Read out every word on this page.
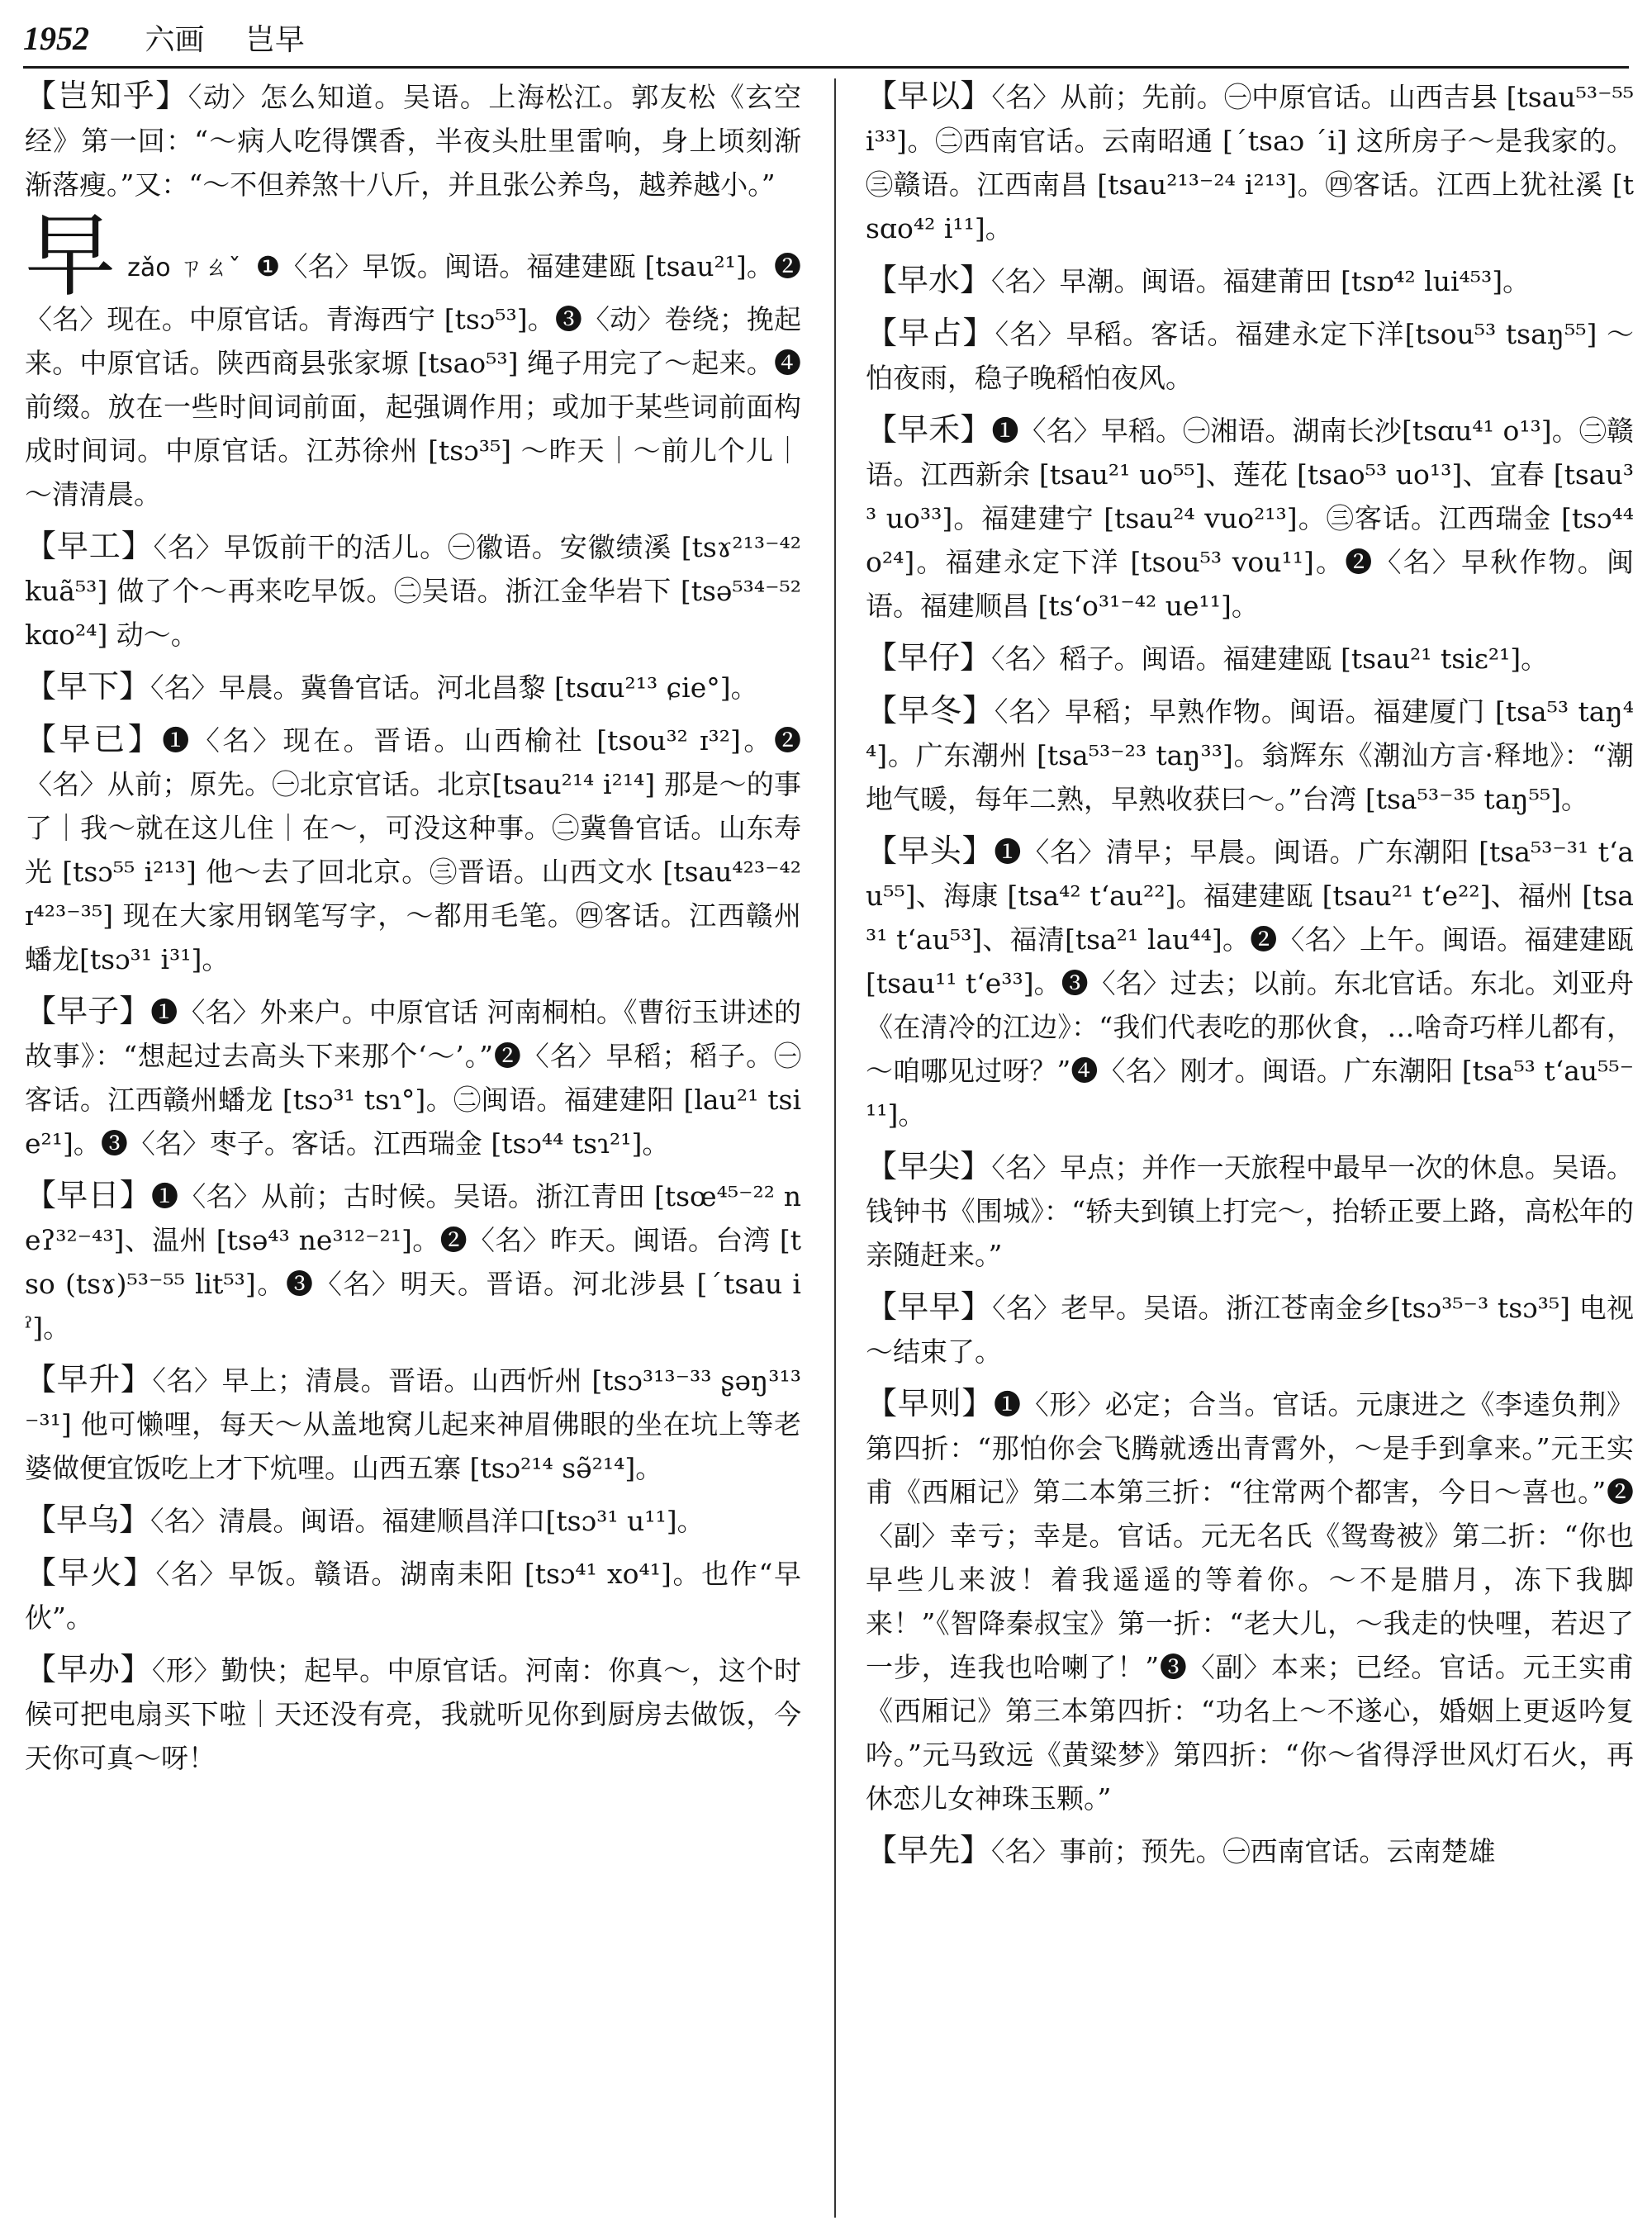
1952 六画 岂早

【岂知乎】〈动〉怎么知道。吴语。上海松江。郭友松《玄空经》第一回：“～病人吃得馔香，半夜头肚里雷响，身上顷刻渐渐落瘦。”又：“～不但养煞十八斤，并且张公养鸟，越养越小。”

早zǎo ㄗㄠˇ ❶〈名〉早饭。闽语。福建建瓯 [tsau²¹]。❷〈名〉现在。中原官话。青海西宁 [tsɔ⁵³]。❸〈动〉卷绕；挽起来。中原官话。陕西商县张家塬 [tsao⁵³] 绳子用完了～起来。❹前缀。放在一些时间词前面，起强调作用；或加于某些词前面构成时间词。中原官话。江苏徐州 [tsɔ³⁵] ～昨天｜～前儿个儿｜～清清晨。

【早工】〈名〉早饭前干的活儿。㊀徽语。安徽绩溪 [tsɤ²¹³⁻⁴² kuã⁵³] 做了个～再来吃早饭。㊁吴语。浙江金华岩下 [tsə⁵³⁴⁻⁵² kɑo²⁴] 动～。

【早下】〈名〉早晨。冀鲁官话。河北昌黎 [tsɑu²¹³ ɕie°]。

【早已】❶〈名〉现在。晋语。山西榆社 [tsou³² ɪ³²]。❷〈名〉从前；原先。㊀北京官话。北京[tsau²¹⁴ i²¹⁴] 那是～的事了｜我～就在这儿住｜在～，可没这种事。㊁冀鲁官话。山东寿光 [tsɔ⁵⁵ i²¹³] 他～去了回北京。㊂晋语。山西文水 [tsau⁴²³⁻⁴² ɪ⁴²³⁻³⁵] 现在大家用钢笔写字，～都用毛笔。㊃客话。江西赣州蟠龙[tsɔ³¹ i³¹]。

【早子】❶〈名〉外来户。中原官话 河南桐柏。《曹衍玉讲述的故事》：“想起过去高头下来那个‘～’。”❷〈名〉早稻；稻子。㊀客话。江西赣州蟠龙 [tsɔ³¹ tsɿ°]。㊁闽语。福建建阳 [lau²¹ tsie²¹]。❸〈名〉枣子。客话。江西瑞金 [tsɔ⁴⁴ tsɿ²¹]。

【早日】❶〈名〉从前；古时候。吴语。浙江青田 [tsœ⁴⁵⁻²² neʔ³²⁻⁴³]、温州 [tsə⁴³ ne³¹²⁻²¹]。❷〈名〉昨天。闽语。台湾 [tso (tsɤ)⁵³⁻⁵⁵ lit⁵³]。❸〈名〉明天。晋语。河北涉县 [ˊtsau iˀ]。

【早升】〈名〉早上；清晨。晋语。山西忻州 [tsɔ³¹³⁻³³ ʂəŋ³¹³⁻³¹] 他可懒哩，每天～从盖地窝儿起来神眉佛眼的坐在坑上等老婆做便宜饭吃上才下炕哩。山西五寨 [tsɔ²¹⁴ sə̃²¹⁴]。

【早乌】〈名〉清晨。闽语。福建顺昌洋口[tsɔ³¹ u¹¹]。

【早火】〈名〉早饭。赣语。湖南耒阳 [tsɔ⁴¹ xo⁴¹]。也作“早伙”。

【早办】〈形〉勤快；起早。中原官话。河南：你真～，这个时候可把电扇买下啦｜天还没有亮，我就听见你到厨房去做饭，今天你可真～呀！

【早以】〈名〉从前；先前。㊀中原官话。山西吉县 [tsau⁵³⁻⁵⁵ i³³]。㊁西南官话。云南昭通 [ˊtsaɔ ˊi] 这所房子～是我家的。㊂赣语。江西南昌 [tsau²¹³⁻²⁴ i²¹³]。㊃客话。江西上犹社溪 [tsɑo⁴² i¹¹]。

【早水】〈名〉早潮。闽语。福建莆田 [tsɒ⁴² lui⁴⁵³]。

【早占】〈名〉早稻。客话。福建永定下洋[tsou⁵³ tsaŋ⁵⁵] ～怕夜雨，稳子晚稻怕夜风。

【早禾】❶〈名〉早稻。㊀湘语。湖南长沙[tsɑu⁴¹ o¹³]。㊁赣语。江西新余 [tsau²¹ uo⁵⁵]、莲花 [tsao⁵³ uo¹³]、宜春 [tsau³³ uo³³]。福建建宁 [tsau²⁴ vuo²¹³]。㊂客话。江西瑞金 [tsɔ⁴⁴ o²⁴]。福建永定下洋 [tsou⁵³ vou¹¹]。❷〈名〉早秋作物。闽语。福建顺昌 [tsʻo³¹⁻⁴² ue¹¹]。

【早仔】〈名〉稻子。闽语。福建建瓯 [tsau²¹ tsiɛ²¹]。

【早冬】〈名〉早稻；早熟作物。闽语。福建厦门 [tsa⁵³ taŋ⁴⁴]。广东潮州 [tsa⁵³⁻²³ taŋ³³]。翁辉东《潮汕方言·释地》：“潮地气暖，每年二熟，早熟收获曰～。”台湾 [tsa⁵³⁻³⁵ taŋ⁵⁵]。

【早头】❶〈名〉清早；早晨。闽语。广东潮阳 [tsa⁵³⁻³¹ tʻau⁵⁵]、海康 [tsa⁴² tʻau²²]。福建建瓯 [tsau²¹ tʻe²²]、福州 [tsa³¹ tʻau⁵³]、福清[tsa²¹ lau⁴⁴]。❷〈名〉上午。闽语。福建建瓯 [tsau¹¹ tʻe³³]。❸〈名〉过去；以前。东北官话。东北。刘亚舟《在清冷的江边》：“我们代表吃的那伙食，…啥奇巧样儿都有，～咱哪见过呀？”❹〈名〉刚才。闽语。广东潮阳 [tsa⁵³ tʻau⁵⁵⁻¹¹]。

【早尖】〈名〉早点；并作一天旅程中最早一次的休息。吴语。钱钟书《围城》：“轿夫到镇上打完～，抬轿正要上路，高松年的亲随赶来。”

【早早】〈名〉老早。吴语。浙江苍南金乡[tsɔ³⁵⁻³ tsɔ³⁵] 电视～结束了。

【早则】❶〈形〉必定；合当。官话。元康进之《李逵负荆》第四折：“那怕你会飞腾就透出青霄外，～是手到拿来。”元王实甫《西厢记》第二本第三折：“往常两个都害，今日～喜也。”❷〈副〉幸亏；幸是。官话。元无名氏《鸳鸯被》第二折：“你也早些儿来波！着我遥遥的等着你。～不是腊月，冻下我脚来！”《智降秦叔宝》第一折：“老大儿，～我走的快哩，若迟了一步，连我也哈喇了！”❸〈副〉本来；已经。官话。元王实甫《西厢记》第三本第四折：“功名上～不遂心，婚姻上更返吟复吟。”元马致远《黄粱梦》第四折：“你～省得浮世风灯石火，再休恋儿女神珠玉颗。”

【早先】〈名〉事前；预先。㊀西南官话。云南楚雄
